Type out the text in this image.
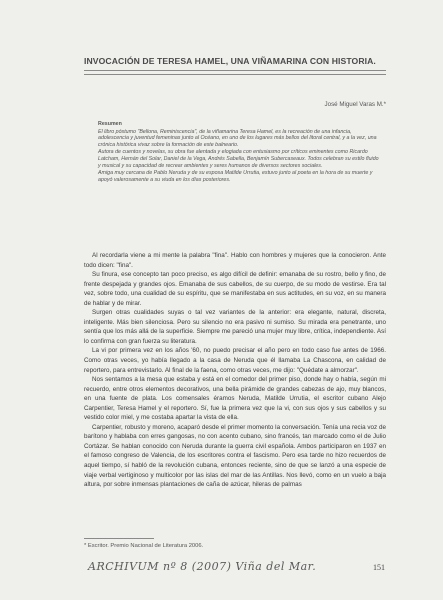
INVOCACIÓN DE TERESA HAMEL, UNA VIÑAMARINA CON HISTORIA.
José Miguel Varas M.*
Resumen

El libro póstumo "Bellona, Reminiscencia", de la viñamarina Teresa Hamel, es la recreación de una infancia, adolescencia y juventud femeninas junto al Océano, en uno de los lugares más bellos del litoral central, y a la vez, una crónica histórica vivaz sobre la formación de este balneario.

Autora de cuentos y novelas, su obra fue alentada y elogiada con entusiasmo por críticos eminentes como Ricardo Latcham, Hernán del Solar, Daniel de la Vega, Andrés Sabella, Benjamín Subercaseaux. Todos celebran su estilo fluido y musical y su capacidad de recrear ambientes y seres humanos de diversos sectores sociales.

Amiga muy cercana de Pablo Neruda y de su esposa Matilde Urrutia, estuvo junto al poeta en la hora de su muerte y apoyó valerosamente a su viuda en los días posteriores.

Al recordarla viene a mi mente la palabra "fina". Hablo con hombres y mujeres que la conocieron. Ante todo dicen: "fina".

Su finura, ese concepto tan poco preciso, es algo difícil de definir: emanaba de su rostro, bello y fino, de frente despejada y grandes ojos. Emanaba de sus cabellos, de su cuerpo, de su modo de vestirse. Era tal vez, sobre todo, una cualidad de su espíritu, que se manifestaba en sus actitudes, en su voz, en su manera de hablar y de mirar.

Surgen otras cualidades suyas o tal vez variantes de la anterior: era elegante, natural, discreta, inteligente. Más bien silenciosa. Pero su silencio no era pasivo ni sumiso. Su mirada era penetrante, uno sentía que los más allá de la superficie. Siempre me pareció una mujer muy libre, crítica, independiente. Así lo confirma con gran fuerza su literatura.

La vi por primera vez en los años '60, no puedo precisar el año pero en todo caso fue antes de 1966. Como otras veces, yo había llegado a la casa de Neruda que él llamaba La Chascona, en calidad de reportero, para entrevistarlo. Al final de la faena, como otras veces, me dijo: "Quédate a almorzar".

Nos sentamos a la mesa que estaba y está en el comedor del primer piso, donde hay o había, según mi recuerdo, entre otros elementos decorativos, una bella pirámide de grandes cabezas de ajo, muy blancos, en una fuente de plata. Los comensales éramos Neruda, Matilde Urrutia, el escritor cubano Alejo Carpentier, Teresa Hamel y el reportero. Sí, fue la primera vez que la vi, con sus ojos y sus cabellos y su vestido color miel, y me costaba apartar la vista de ella.

Carpentier, robusto y moreno, acaparó desde el primer momento la conversación. Tenía una recia voz de barítono y hablaba con erres gangosas, no con acento cubano, sino francés, tan marcado como el de Julio Cortázar. Se hablan conocido con Neruda durante la guerra civil española. Ambos participaron en 1937 en el famoso congreso de Valencia, de los escritores contra el fascismo. Pero esa tarde no hizo recuerdos de aquel tiempo, sí habló de la revolución cubana, entonces reciente, sino de que se lanzó a una especie de viaje verbal vertiginoso y multicolor por las islas del mar de las Antillas. Nos llevó, como en un vuelo a baja altura, por sobre inmensas plantaciones de caña de azúcar, hileras de palmas

* Escritor. Premio Nacional de Literatura 2006.
ARCHIVUM nº 8 (2007) Viña del Mar.	151
